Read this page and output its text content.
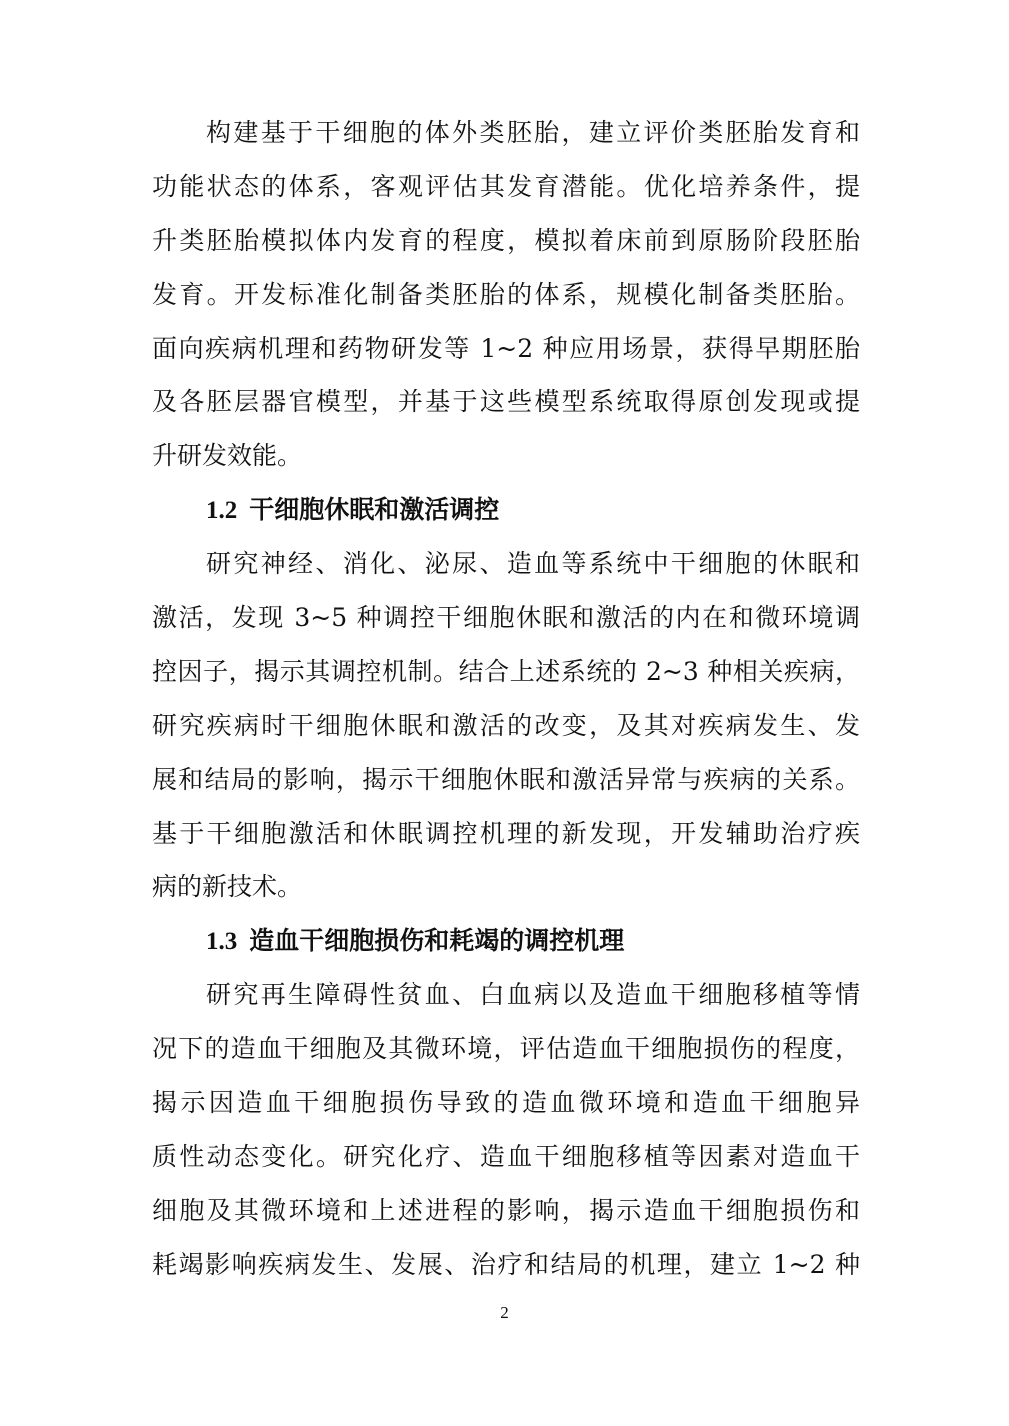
构建基于干细胞的体外类胚胎，建立评价类胚胎发育和
功能状态的体系，客观评估其发育潜能。优化培养条件，提
升类胚胎模拟体内发育的程度，模拟着床前到原肠阶段胚胎
发育。开发标准化制备类胚胎的体系，规模化制备类胚胎。
面向疾病机理和药物研发等 1~2 种应用场景，获得早期胚胎
及各胚层器官模型，并基于这些模型系统取得原创发现或提
升研发效能。
1.2 干细胞休眠和激活调控
研究神经、消化、泌尿、造血等系统中干细胞的休眠和
激活，发现 3~5 种调控干细胞休眠和激活的内在和微环境调
控因子，揭示其调控机制。结合上述系统的 2~3 种相关疾病，
研究疾病时干细胞休眠和激活的改变，及其对疾病发生、发
展和结局的影响，揭示干细胞休眠和激活异常与疾病的关系。
基于干细胞激活和休眠调控机理的新发现，开发辅助治疗疾
病的新技术。
1.3 造血干细胞损伤和耗竭的调控机理
研究再生障碍性贫血、白血病以及造血干细胞移植等情
况下的造血干细胞及其微环境，评估造血干细胞损伤的程度，
揭示因造血干细胞损伤导致的造血微环境和造血干细胞异
质性动态变化。研究化疗、造血干细胞移植等因素对造血干
细胞及其微环境和上述进程的影响，揭示造血干细胞损伤和
耗竭影响疾病发生、发展、治疗和结局的机理，建立 1~2 种
2
